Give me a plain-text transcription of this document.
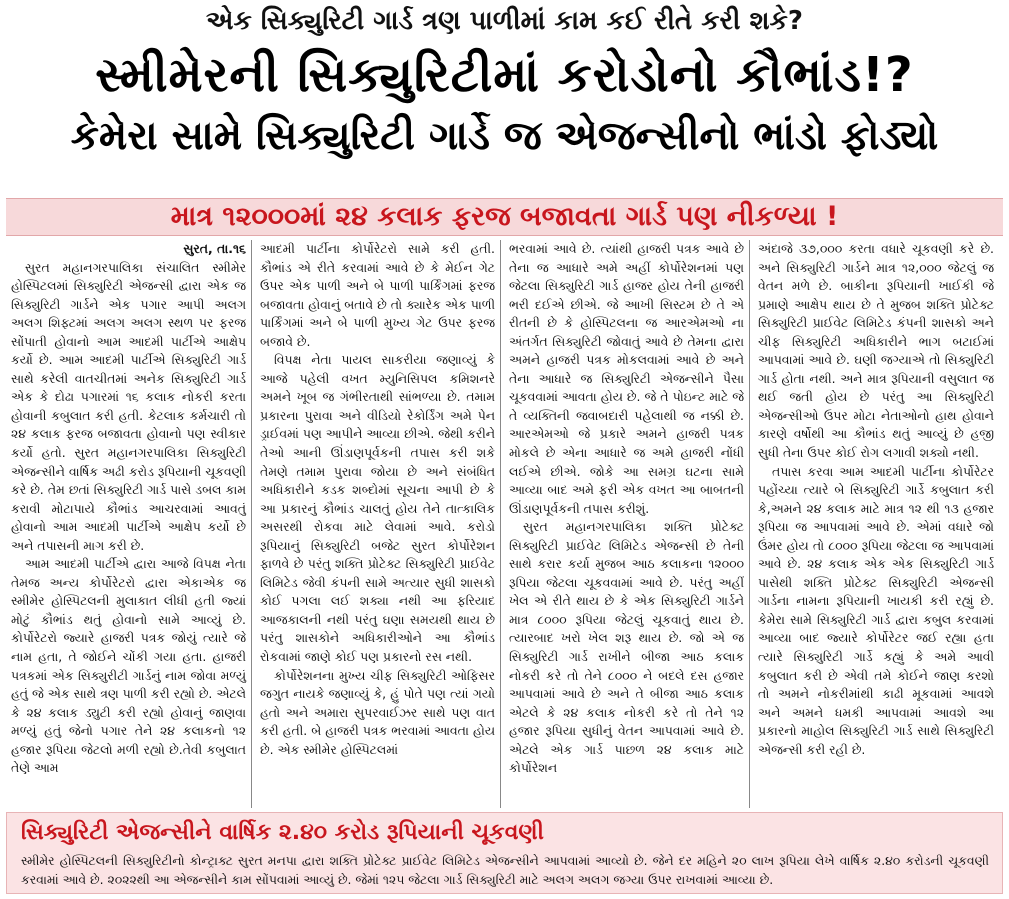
એક સિક્યુરિટી ગાર્ડ ત્રણ પાળીમાં કામ કઈ રીતે કરી શકે?
સ્મીમેરની સિક્યુરિટીમાં કરોડોનો કૌભાંડ!?
કેમેરા સામે સિક્યુરિટી ગાર્ડે જ એજન્સીનો ભાંડો ફોડ્યો
માત્ર ૧૨૦૦૦માં ૨૪ કલાક ફરજ બજાવતા ગાર્ડ પણ નીકળ્યા !
સુરત, તા.૧૬

સુરત મહાનગરપાલિકા સંચાલિત સ્મીમેર હોસ્પિટલમાં સિક્યુરિટી એજન્સી દ્વારા એક જ સિક્યુરિટી ગાર્ડને એક પગાર આપી અલગ અલગ શિફ્ટમાં અલગ અલગ સ્થળ પર ફરજ સોંપાતી હોવાનો આમ આદમી પાર્ટીએ આક્ષેપ કર્યો છે. આમ આદમી પાર્ટીએ સિક્યુરિટી ગાર્ડ સાથે કરેલી વાતચીતમાં અનેક સિક્યુરિટી ગાર્ડ એક કે દોઢા પગારમાં ૧૬ કલાક નોકરી કરતા હોવાની કબુલાત કરી હતી. કેટલાક કર્મચારી તો ૨૪ કલાક ફરજ બજાવતા હોવાનો પણ સ્વીકાર કર્યો હતો. સુરત મહાનગરપાલિકા સિક્યુરિટી એજન્સીને વાર્ષિક અઢી કરોડ રૂપિયાની ચૂકવણી કરે છે. તેમ છતાં સિક્યુરિટી ગાર્ડ પાસે ડબલ કામ કરાવી મોટાપાયે કૌભાંડ આચરવામાં આવતું હોવાનો આમ આદમી પાર્ટીએ આક્ષેપ કર્યો છે અને તપાસની માગ કરી છે.

આમ આદમી પાર્ટીએ દ્વારા આજે વિપક્ષ નેતા તેમજ અન્ય કોર્પોરેટરો દ્વારા એકાએક જ સ્મીમેર હોસ્પિટલની મુલાકાત લીધી હતી જ્યાં મોટું કૌભાંડ થતું હોવાનો સામે આવ્યું છે. કોર્પોરેટરો જ્યારે હાજરી પત્રક જોયું ત્યારે જે નામ હતા, તે જોઈને ચોંકી ગયા હતા. હાજરી પત્રકમાં એક સિક્યુરીટી ગાર્ડનું નામ જોવા મળ્યું હતું જે એક સાથે ત્રણ પાળી કરી રહ્યો છે. એટલે કે ૨૪ કલાક ડ્યુટી કરી રહ્યો હોવાનું જાણવા મળ્યું હતું જેનો પગાર તેને ૨૪ કલાકનો ૧૨ હજાર રૂપિયા જેટલો મળી રહ્યો છે.તેવી કબુલાત તેણે આમ

આદમી પાર્ટીના કોર્પોરેટરો સામે કરી હતી. કૌભાંડ એ રીતે કરવામાં આવે છે કે મેઈન ગેટ ઉપર એક પાળી અને બે પાળી પાર્કિંગમાં ફરજ બજાવતા હોવાનું બતાવે છે તો ક્યારેક એક પાળી પાર્કિંગમાં અને બે પાળી મુખ્ય ગેટ ઉપર ફરજ બજાવે છે.

વિપક્ષ નેતા પાયલ સાકરીયા જણાવ્યું કે આજે પહેલી વખત મ્યુનિસિપલ કમિશનરે અમને ખૂબ જ ગંભીરતાથી સાંભળ્યા છે. તમામ પ્રકારના પુરાવા અને વીડિયો રેકોર્ડિંગ અમે પેન ડ્રાઈવમાં પણ આપીને આવ્યા છીએ. જેથી કરીને તેઓ આની ઊંડાણપૂર્વકની તપાસ કરી શકે તેમણે તમામ પુરાવા જોયા છે અને સંબંધિત અધિકારીને કડક શબ્દોમાં સૂચના આપી છે કે આ પ્રકારનું કૌભાંડ ચાલતું હોય તેને તાત્કાલિક અસરથી રોકવા માટે લેવામાં આવે. કરોડો રૂપિયાનું સિક્યુરિટી બજેટ સુરત કોર્પોરેશન ફાળવે છે પરંતુ શક્તિ પ્રોટેક્ટ સિક્યુરિટી પ્રાઈવેટ લિમિટેડ જેવી કંપની સામે અત્યાર સુધી શાસકો કોઈ પગલા લઈ શક્યા નથી આ ફરિયાદ આજકાલની નથી પરંતુ ઘણા સમયથી થાય છે પરંતુ શાસકોને અધિકારીઓને આ કૌભાંડ રોકવામાં જાણે કોઈ પણ પ્રકારનો રસ નથી.

કોર્પોરેશનના મુખ્ય ચીફ સિક્યુરિટી ઓફિસર જગુત નાયકે જણાવ્યું કે, હું પોતે પણ ત્યાં ગયો હતો અને અમારા સુપરવાઈઝર સાથે પણ વાત કરી હતી. બે હાજરી પત્રક ભરવામાં આવતા હોય છે. એક સ્મીમેર હોસ્પિટલમાં

ભરવામાં આવે છે. ત્યાંથી હાજરી પત્રક આવે છે તેના જ આધારે અમે અહીં કોર્પોરેશનમાં પણ જેટલા સિક્યુરિટી ગાર્ડ હાજર હોય તેની હાજરી ભરી દઈએ છીએ. જે આખી સિસ્ટમ છે તે એ રીતની છે કે હોસ્પિટલના જ આરએમઓ ના અંતર્ગત સિક્યુરિટી જોવાતું આવે છે તેમના દ્વારા અમને હાજરી પત્રક મોકલવામાં આવે છે અને તેના આધારે જ સિક્યુરિટી એજન્સીને પૈસા ચૂકવવામાં આવતા હોય છે. જે તે પોઇન્ટ માટે જે તે વ્યક્તિની જવાબદારી પહેલાથી જ નક્કી છે. આરએમઓ જે પ્રકારે અમને હાજરી પત્રક મોકલે છે એના આધારે જ અમે હાજરી નોંધી લઈએ છીએ. જોકે આ સમગ્ર ઘટના સામે આવ્યા બાદ અમે ફરી એક વખત આ બાબતની ઊંડાણપૂર્વકની તપાસ કરીશું.

સુરત મહાનગરપાલિકા શક્તિ પ્રોટેક્ટ સિક્યુરિટી પ્રાઈવેટ લિમિટેડ એજન્સી છે તેની સાથે કરાર કર્યા મુજબ આઠ કલાકના ૧૨૦૦૦ રૂપિયા જેટલા ચૂકવવામાં આવે છે. પરંતુ અહીં ખેલ એ રીતે થાય છે કે એક સિક્યુરિટી ગાર્ડને માત્ર ૮૦૦૦ રૂપિયા જેટલું ચૂકવાતું થાય છે. ત્યારબાદ ખરો ખેલ શરૂ થાય છે. જો એ જ સિક્યુરિટી ગાર્ડ રાખીને બીજા આઠ કલાક નોકરી કરે તો તેને ૮૦૦૦ ને બદલે દસ હજાર આપવામાં આવે છે અને તે બીજા આઠ કલાક એટલે કે ૨૪ કલાક નોકરી કરે તો તેને ૧૨ હજાર રૂપિયા સુધીનું વેતન આપવામાં આવે છે. એટલે એક ગાર્ડ પાછળ ૨૪ કલાક માટે કોર્પોરેશન

અંદાજે ૩૭,૦૦૦ કરતા વધારે ચૂકવણી કરે છે. અને સિક્યુરિટી ગાર્ડને માત્ર ૧૨,૦૦૦ જેટલું જ વેતન મળે છે. બાકીના રૂપિયાની ખાઈકી જે પ્રમાણે આક્ષેપ થાય છે તે મુજબ શક્તિ પ્રોટેક્ટ સિક્યુરિટી પ્રાઈવેટ લિમિટેડ કંપની શાસકો અને ચીફ સિક્યુરિટી અધિકારીને ભાગ બટાઈમાં આપવામાં આવે છે. ઘણી જગ્યાએ તો સિક્યુરિટી ગાર્ડ હોતા નથી. અને માત્ર રૂપિયાની વસુલાત જ થઈ જતી હોય છે પરંતુ આ સિક્યુરિટી એજન્સીઓ ઉપર મોટા નેતાઓનો હાથ હોવાને કારણે વર્ષોથી આ કૌભાંડ થતું આવ્યું છે હજી સુધી તેના ઉપર કોઈ રોગ લગાવી શક્યો નથી.

તપાસ કરવા આમ આદમી પાર્ટીના કોર્પોરેટર પહોંચ્યા ત્યારે બે સિક્યુરિટી ગાર્ડે કબુલાત કરી કે,અમને ૨૪ કલાક માટે માત્ર ૧૨ થી ૧૩ હજાર રૂપિયા જ આપવામાં આવે છે. એમાં વધારે જો ઉંમર હોય તો ૮૦૦૦ રૂપિયા જેટલા જ આપવામાં આવે છે. ૨૪ કલાક એક એક સિક્યુરિટી ગાર્ડ પાસેથી શક્તિ પ્રોટેક્ટ સિક્યુરિટી એજન્સી ગાર્ડના નામના રૂપિયાની ખાયકી કરી રહ્યું છે. કેમેરા સામે સિક્યુરિટી ગાર્ડ દ્વારા કબુલ કરવામાં આવ્યા બાદ જ્યારે કોર્પોરેટર જઈ રહ્યા હતા ત્યારે સિક્યુરિટી ગાર્ડે કહ્યું કે અમે આવી કબુલાત કરી છે એવી તમે કોઈને જાણ કરશો તો અમને નોકરીમાંથી કાઢી મૂકવામાં આવશે અને અમને ધમકી આપવામાં આવશે આ પ્રકારનો માહોલ સિક્યુરિટી ગાર્ડ સાથે સિક્યુરિટી એજન્સી કરી રહી છે.

સિક્યુરિટી એજન્સીને વાર્ષિક ૨.૪૦ કરોડ રૂપિયાની ચૂકવણી
સ્મીમેર હોસ્પિટલની સિક્યુરિટીનો કોન્ટ્રાક્ટ સુરત મનપા દ્વારા શક્તિ પ્રોટેક્ટ પ્રાઈવેટ લિમિટેડ એજન્સીને આપવામાં આવ્યો છે. જેને દર મહિને ૨૦ લાખ રૂપિયા લેખે વાર્ષિક ૨.૪૦ કરોડની ચૂકવણી કરવામાં આવે છે. ૨૦૨૨થી આ એજન્સીને કામ સોંપવામાં આવ્યું છે. જેમાં ૧૨૫ જેટલા ગાર્ડ સિક્યુરિટી માટે અલગ અલગ જગ્યા ઉપર રાખવામાં આવ્યા છે.
